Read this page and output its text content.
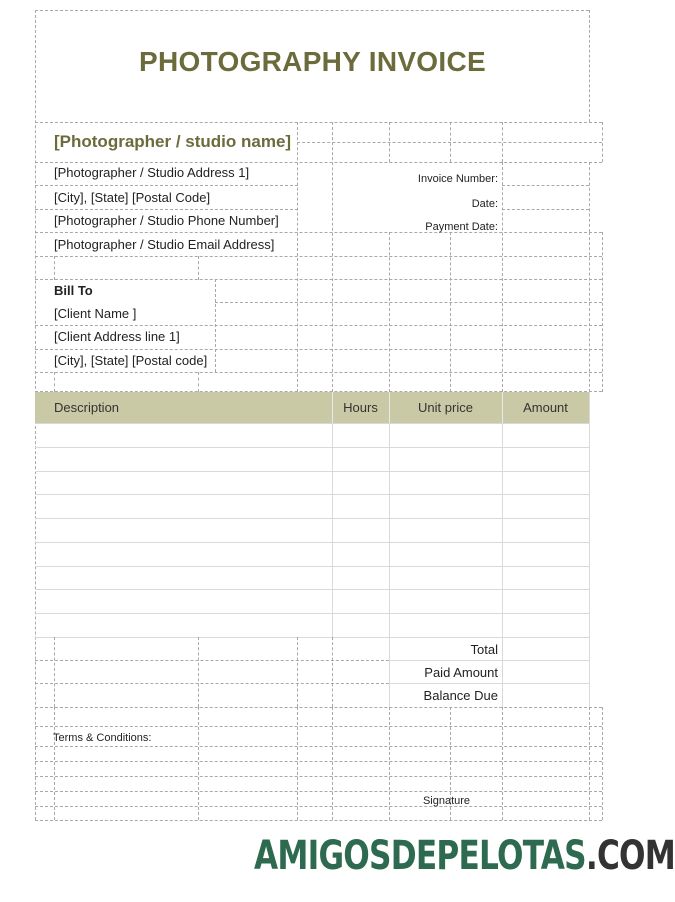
PHOTOGRAPHY INVOICE
[Photographer / studio name]
[Photographer / Studio Address 1]
[City], [State] [Postal Code]
[Photographer / Studio Phone Number]
[Photographer / Studio Email Address]
Invoice Number:
Date:
Payment Date:
Bill To
[Client Name ]
[Client Address line 1]
[City], [State] [Postal code]
Description	Hours	Unit price	Amount
Total
Paid Amount
Balance Due
Terms & Conditions:
Signature
AMIGOSDEPELOTAS.COM
